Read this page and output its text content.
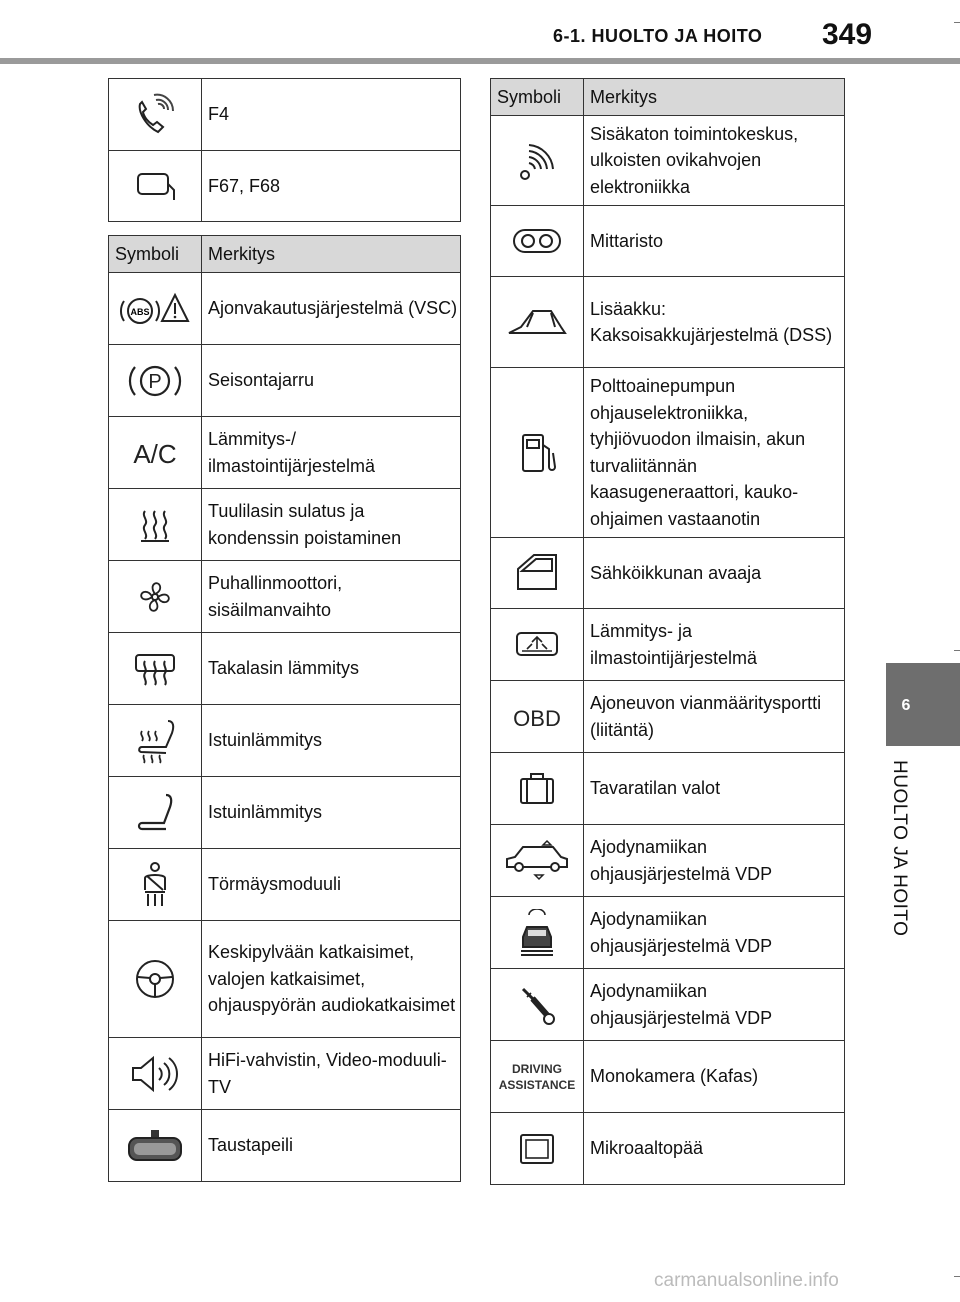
6-1. HUOLTO JA HOITO 349
6
HUOLTO JA HOITO
	F4
	F67, F68
Symboli	Merkitys

ABS	Ajonvakautusjärjestelmä (VSC)

P	Seisontajarru

A/C	Lämmitys-/ ilmastointijärjestelmä
	Tuulilasin sulatus ja kondenssin poistaminen
	Puhallinmoottori, sisäilmanvaihto
	Takalasin lämmitys
	Istuinlämmitys
	Istuinlämmitys
	Törmäysmoduuli
	Keskipylvään katkaisimet, valojen katkaisimet, ohjauspyörän audiokatkaisimet
	HiFi-vahvistin, Video-moduuli-TV
	Taustapeili
Symboli	Merkitys
	Sisäkaton toimintokeskus, ulkoisten ovikahvojen elektroniikka
	Mittaristo
	Lisäakku: Kaksoisakkujärjestelmä (DSS)
	Polttoainepumpun ohjauselektroniikka, tyhjiövuodon ilmaisin, akun turvaliitännän kaasugeneraattori, kauko-ohjaimen vastaanotin
	Sähköikkunan avaaja
	Lämmitys- ja ilmastointijärjestelmä

OBD	Ajoneuvon vianmääritysportti (liitäntä)
	Tavaratilan valot
	Ajodynamiikan ohjausjärjestelmä VDP
	Ajodynamiikan ohjausjärjestelmä VDP
	Ajodynamiikan ohjausjärjestelmä VDP

DRIVING
ASSISTANCE	Monokamera (Kafas)
	Mikroaaltopää
carmanualsonline.info
